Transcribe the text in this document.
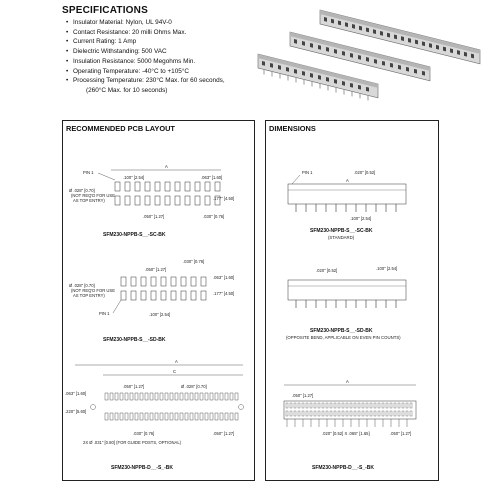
SPECIFICATIONS
• Insulator Material: Nylon, UL 94V-0
• Contact Resistance: 20 milli Ohms Max.
• Current Rating: 1 Amp
• Dielectric Withstanding: 500 VAC
• Insulation Resistance: 5000 Megohms Min.
• Operating Temperature: -40°C to +105°C
• Processing Temperature: 230°C Max. for 60 seconds,
(260°C Max. for 10 seconds)
RECOMMENDED PCB LAYOUT
A
PIN 1
.100" [2.54]	.063" [1.60]
.177" [4.50]
Ø .028" [0.70]
(NOT REQ'D FOR USE
AS TOP ENTRY)
.050" [1.27]	.030" [0.76]
SFM230-NPPB-S__-SC-BK
.030" [0.76]
.050" [1.27]
.063" [1.60]
.177" [4.50]
Ø .028" [0.70]
(NOT REQ'D FOR USE
AS TOP ENTRY)
PIN 1	.100" [2.54]
SFM230-NPPB-S__-SD-BK
A
C
.050" [1.27]	Ø .028" [0.70]
.063" [1.60]
.220" [5.60]
.030" [0.76]	.050" [1.27]
2X Ø .031" [0.80] (FOR GUIDE POSTS, OPTIONAL)
SFM230-NPPB-D__-S_-BK
DIMENSIONS
PIN 1	.020" [0.52]
A
.100" [2.54]
SFM230-NPPB-S__-SC-BK
(STANDARD)
.020" [0.52]	.100" [2.54]
SFM230-NPPB-S__-SD-BK
(OPPOSITE BEND, APPLICABLE ON EVEN PIN COUNTS)
A
.050" [1.27]
.020" [0.52] X .065" [1.65]	.050" [1.27]
SFM230-NPPB-D__-S_-BK
